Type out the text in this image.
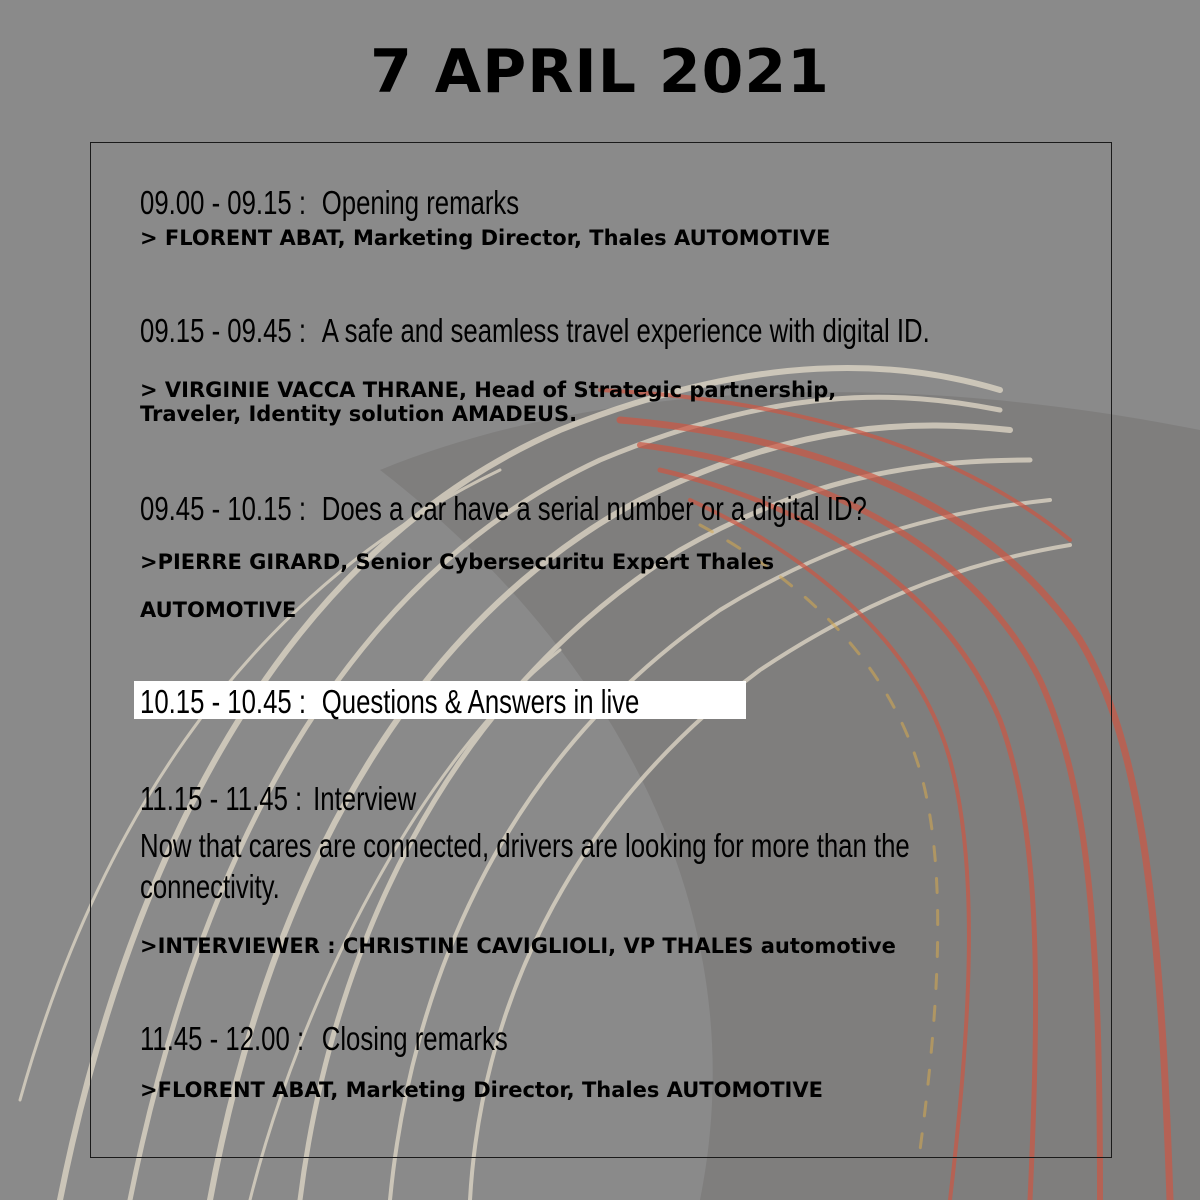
7 APRIL 2021
09.00 - 09.15 : Opening remarks
> FLORENT ABAT, Marketing Director, Thales AUTOMOTIVE
09.15 - 09.45 : A safe and seamless travel experience with digital ID.
> VIRGINIE VACCA THRANE, Head of Strategic partnership,
Traveler, Identity solution AMADEUS.
09.45 - 10.15 : Does a car have a serial number or a digital ID?
>PIERRE GIRARD, Senior Cybersecuritu Expert Thales
AUTOMOTIVE
10.15 - 10.45 : Questions & Answers in live
11.15 - 11.45 : Interview
Now that cares are connected, drivers are looking for more than the
connectivity.
>INTERVIEWER : CHRISTINE CAVIGLIOLI, VP THALES automotive
11.45 - 12.00 : Closing remarks
>FLORENT ABAT, Marketing Director, Thales AUTOMOTIVE
